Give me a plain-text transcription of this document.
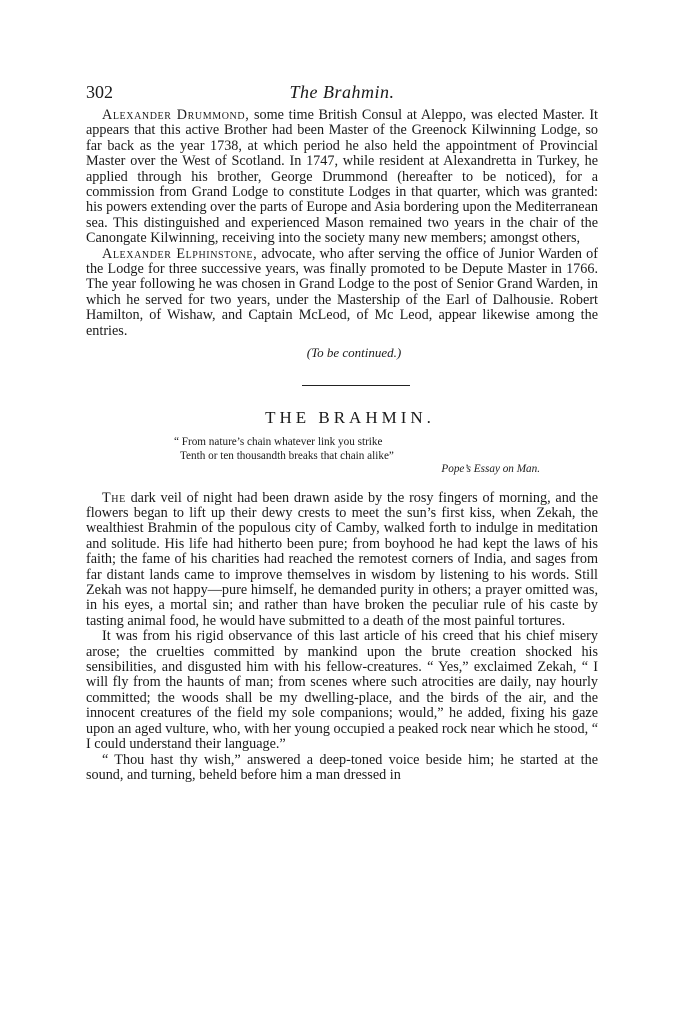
302	The Brahmin.

Alexander Drummond, some time British Consul at Aleppo, was elected Master. It appears that this active Brother had been Master of the Greenock Kilwinning Lodge, so far back as the year 1738, at which period he also held the appointment of Provincial Master over the West of Scotland. In 1747, while resident at Alexandretta in Turkey, he applied through his brother, George Drummond (hereafter to be noticed), for a commission from Grand Lodge to constitute Lodges in that quarter, which was granted: his powers extending over the parts of Europe and Asia bordering upon the Mediterranean sea. This distinguished and experienced Mason remained two years in the chair of the Canongate Kilwinning, receiving into the society many new members; amongst others,

Alexander Elphinstone, advocate, who after serving the office of Junior Warden of the Lodge for three successive years, was finally promoted to be Depute Master in 1766. The year following he was chosen in Grand Lodge to the post of Senior Grand Warden, in which he served for two years, under the Mastership of the Earl of Dalhousie. Robert Hamilton, of Wishaw, and Captain McLeod, of Mc Leod, appear likewise among the entries.

(To be continued.)
THE BRAHMIN.
“ From nature’s chain whatever link you strike
Tenth or ten thousandth breaks that chain alike”
Pope’s Essay on Man.

The dark veil of night had been drawn aside by the rosy fingers of morning, and the flowers began to lift up their dewy crests to meet the sun’s first kiss, when Zekah, the wealthiest Brahmin of the populous city of Camby, walked forth to indulge in meditation and solitude. His life had hitherto been pure; from boyhood he had kept the laws of his faith; the fame of his charities had reached the remotest corners of India, and sages from far distant lands came to improve themselves in wisdom by listening to his words. Still Zekah was not happy—pure himself, he demanded purity in others; a prayer omitted was, in his eyes, a mortal sin; and rather than have broken the peculiar rule of his caste by tasting animal food, he would have submitted to a death of the most painful tortures.

It was from his rigid observance of this last article of his creed that his chief misery arose; the cruelties committed by mankind upon the brute creation shocked his sensibilities, and disgusted him with his fellow-creatures. “ Yes,” exclaimed Zekah, “ I will fly from the haunts of man; from scenes where such atrocities are daily, nay hourly committed; the woods shall be my dwelling-place, and the birds of the air, and the innocent creatures of the field my sole companions; would,” he added, fixing his gaze upon an aged vulture, who, with her young occupied a peaked rock near which he stood, “ I could understand their language.”

“ Thou hast thy wish,” answered a deep-toned voice beside him; he started at the sound, and turning, beheld before him a man dressed in
